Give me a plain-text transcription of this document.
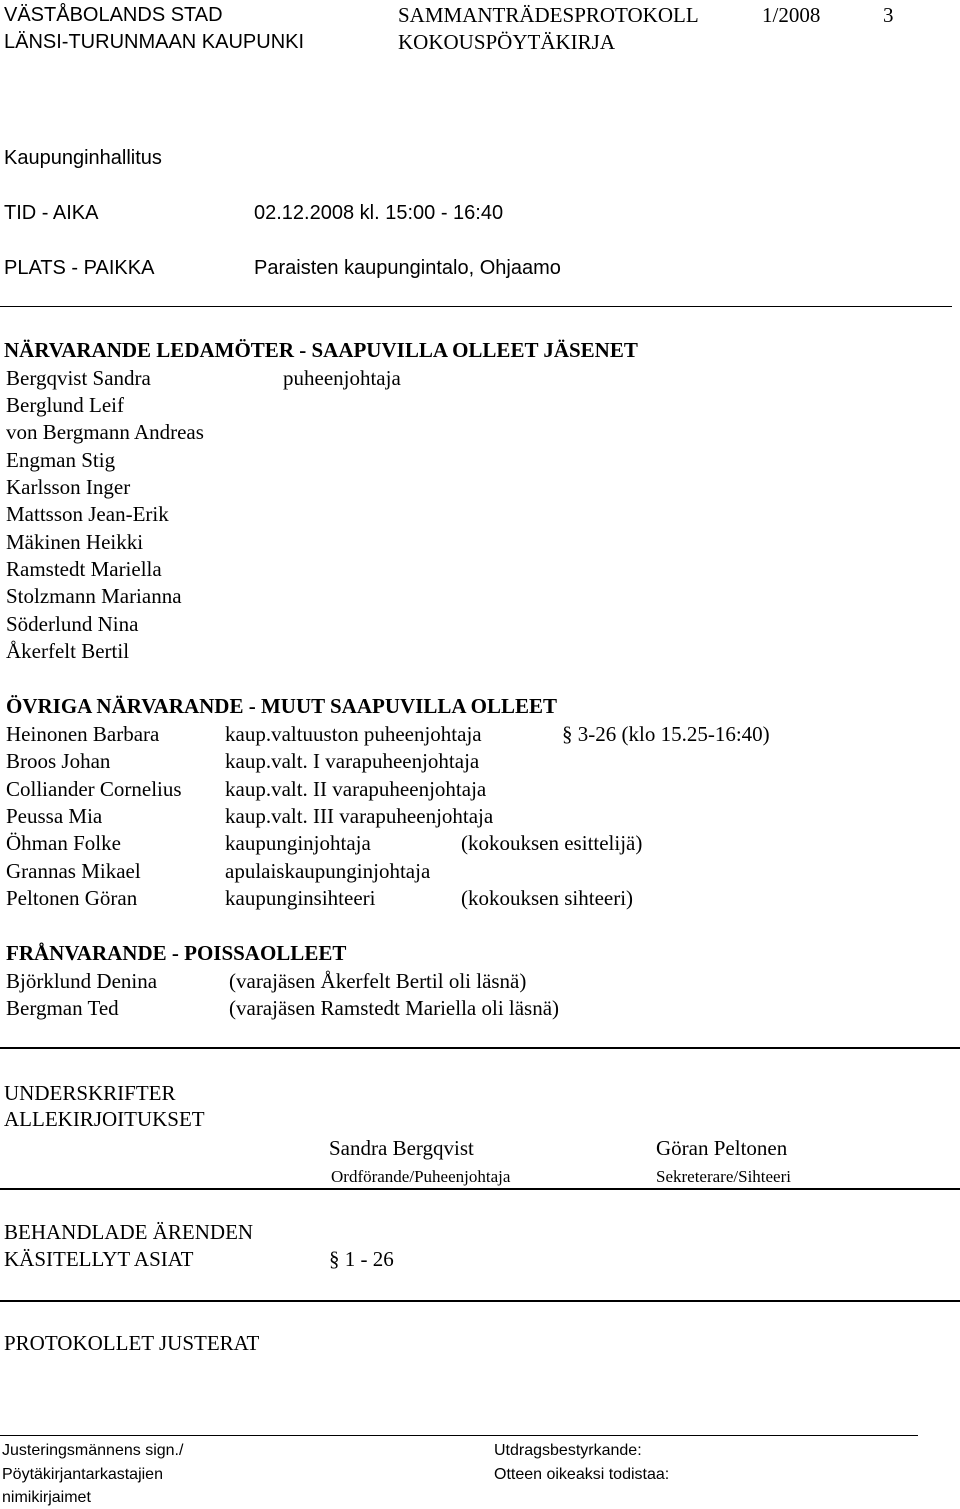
VÄSTÅBOLANDS STAD
LÄNSI-TURUNMAAN KAUPUNKI
SAMMANTRÄDESPROTOKOLL
KOKOUSPÖYTÄKIRJA
1/2008	3
Kaupunginhallitus
TID - AIKA	02.12.2008 kl. 15:00 - 16:40
PLATS - PAIKKA	Paraisten kaupungintalo, Ohjaamo
NÄRVARANDE LEDAMÖTER - SAAPUVILLA OLLEET JÄSENET
Bergqvist Sandra	puheenjohtaja
Berglund Leif
von Bergmann Andreas
Engman Stig
Karlsson Inger
Mattsson Jean-Erik
Mäkinen Heikki
Ramstedt Mariella
Stolzmann Marianna
Söderlund Nina
Åkerfelt Bertil
ÖVRIGA NÄRVARANDE - MUUT SAAPUVILLA OLLEET
Heinonen Barbara	kaup.valtuuston puheenjohtaja	§ 3-26 (klo 15.25-16:40)
Broos Johan	kaup.valt. I varapuheenjohtaja
Colliander Cornelius kaup.valt. II varapuheenjohtaja
Peussa Mia	kaup.valt. III varapuheenjohtaja
Öhman Folke	kaupunginjohtaja	(kokouksen esittelijä)
Grannas Mikael	apulaiskaupunginjohtaja
Peltonen Göran	kaupunginsihteeri	(kokouksen sihteeri)
FRÅNVARANDE - POISSAOLLEET
Björklund Denina	(varajäsen Åkerfelt Bertil oli läsnä)
Bergman Ted	(varajäsen Ramstedt Mariella oli läsnä)
UNDERSKRIFTER
ALLEKIRJOITUKSET
Sandra Bergqvist	Göran Peltonen
Ordförande/Puheenjohtaja	Sekreterare/Sihteeri
BEHANDLADE ÄRENDEN
KÄSITELLYT ASIAT	§ 1 - 26
PROTOKOLLET JUSTERAT
Justeringsmännens sign./
Pöytäkirjantarkastajien
nimikirjaimet
Utdragsbestyrkande:
Otteen oikeaksi todistaa:
